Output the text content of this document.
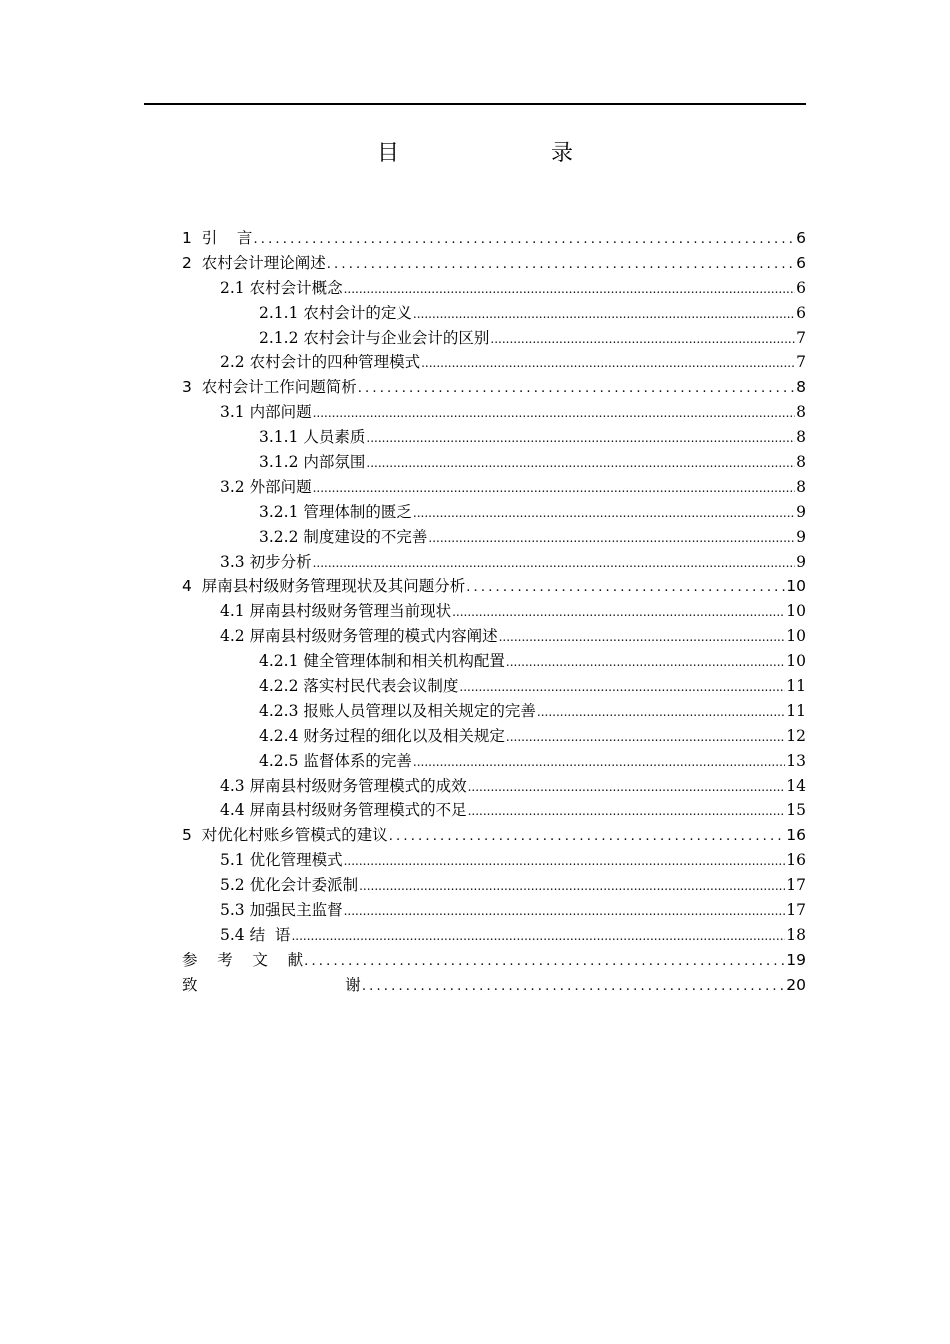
目　　录
1  引    言 .....	6
2  农村会计理论阐述 .....	6
2.1 农村会计概念 .....	6
2.1.1 农村会计的定义 .....	6
2.1.2 农村会计与企业会计的区别 .....	7
2.2 农村会计的四种管理模式 .....	7
3  农村会计工作问题简析 .....	8
3.1 内部问题 .....	8
3.1.1 人员素质 .....	8
3.1.2 内部氛围 .....	8
3.2 外部问题 .....	8
3.2.1 管理体制的匮乏 .....	9
3.2.2 制度建设的不完善 .....	9
3.3 初步分析 .....	9
4  屏南县村级财务管理现状及其问题分析 .....	10
4.1 屏南县村级财务管理当前现状 .....	10
4.2 屏南县村级财务管理的模式内容阐述 .....	10
4.2.1 健全管理体制和相关机构配置 .....	10
4.2.2 落实村民代表会议制度 .....	11
4.2.3 报账人员管理以及相关规定的完善 .....	11
4.2.4 财务过程的细化以及相关规定 .....	12
4.2.5 监督体系的完善 .....	13
4.3 屏南县村级财务管理模式的成效 .....	14
4.4 屏南县村级财务管理模式的不足 .....	15
5  对优化村账乡管模式的建议 .....	16
5.1 优化管理模式 .....	16
5.2 优化会计委派制 .....	17
5.3 加强民主监督 .....	17
5.4 结  语 .....	18
参    考    文    献 .....	19
致                              谢 .....	20
